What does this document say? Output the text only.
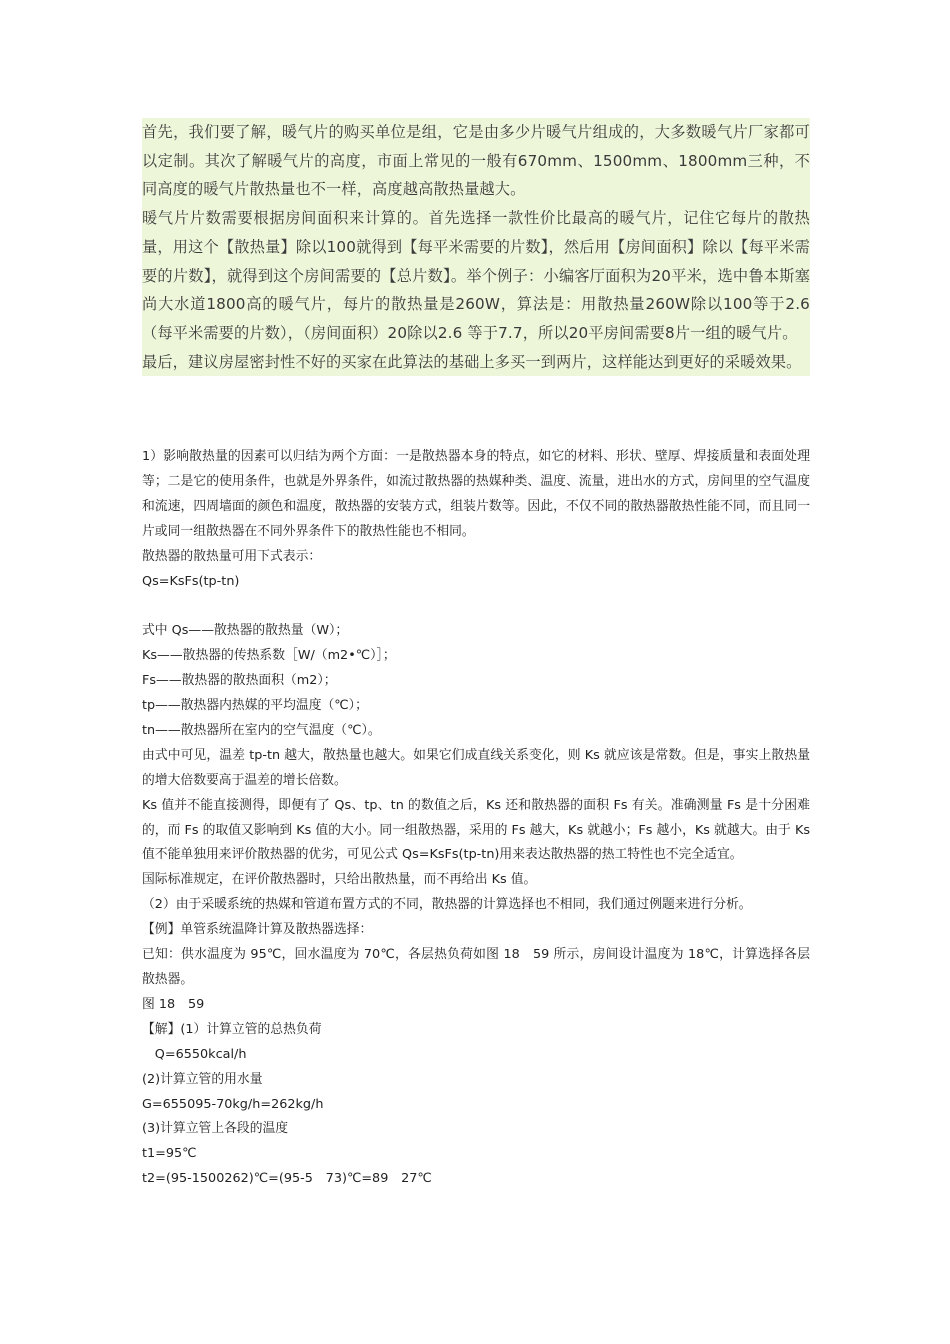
首先，我们要了解，暖气片的购买单位是组，它是由多少片暖气片组成的，大多数暖气片厂家都可以定制。其次了解暖气片的高度，市面上常见的一般有670mm、1500mm、1800mm三种，不同高度的暖气片散热量也不一样，高度越高散热量越大。

暖气片片数需要根据房间面积来计算的。首先选择一款性价比最高的暖气片，记住它每片的散热量，用这个【散热量】除以100就得到【每平米需要的片数】，然后用【房间面积】除以【每平米需要的片数】，就得到这个房间需要的【总片数】。举个例子：小编客厅面积为20平米，选中鲁本斯塞尚大水道1800高的暖气片，每片的散热量是260W，算法是：用散热量260W除以100等于2.6（每平米需要的片数），（房间面积）20除以2.6 等于7.7，所以20平房间需要8片一组的暖气片。

最后，建议房屋密封性不好的买家在此算法的基础上多买一到两片，这样能达到更好的采暖效果。

1）影响散热量的因素可以归结为两个方面：一是散热器本身的特点，如它的材料、形状、壁厚、焊接质量和表面处理等；二是它的使用条件，也就是外界条件，如流过散热器的热媒种类、温度、流量，进出水的方式，房间里的空气温度和流速，四周墙面的颜色和温度，散热器的安装方式，组装片数等。因此，不仅不同的散热器散热性能不同，而且同一片或同一组散热器在不同外界条件下的散热性能也不相同。

散热器的散热量可用下式表示：

Qs=KsFs(tp-tn)

式中 Qs——散热器的散热量（W）；

Ks——散热器的传热系数［W/（m2•℃）］；

Fs——散热器的散热面积（m2）；

tp——散热器内热媒的平均温度（℃）；

tn——散热器所在室内的空气温度（℃）。

由式中可见，温差 tp-tn 越大，散热量也越大。如果它们成直线关系变化，则 Ks 就应该是常数。但是，事实上散热量的增大倍数要高于温差的增长倍数。

Ks 值并不能直接测得，即便有了 Qs、tp、tn 的数值之后，Ks 还和散热器的面积 Fs 有关。准确测量 Fs 是十分困难的，而 Fs 的取值又影响到 Ks 值的大小。同一组散热器，采用的 Fs 越大，Ks 就越小；Fs 越小，Ks 就越大。由于 Ks 值不能单独用来评价散热器的优劣，可见公式 Qs=KsFs(tp-tn)用来表达散热器的热工特性也不完全适宜。

国际标准规定，在评价散热器时，只给出散热量，而不再给出 Ks 值。

（2）由于采暖系统的热媒和管道布置方式的不同，散热器的计算选择也不相同，我们通过例题来进行分析。

【例】单管系统温降计算及散热器选择：

已知：供水温度为 95℃，回水温度为 70℃，各层热负荷如图 18　59 所示，房间设计温度为 18℃，计算选择各层散热器。

图 18　59

【解】(1）计算立管的总热负荷

　Q=6550kcal/h

(2)计算立管的用水量

G=655095-70kg/h=262kg/h

(3)计算立管上各段的温度

t1=95℃

t2=(95-1500262)℃=(95-5　73)℃=89　27℃
